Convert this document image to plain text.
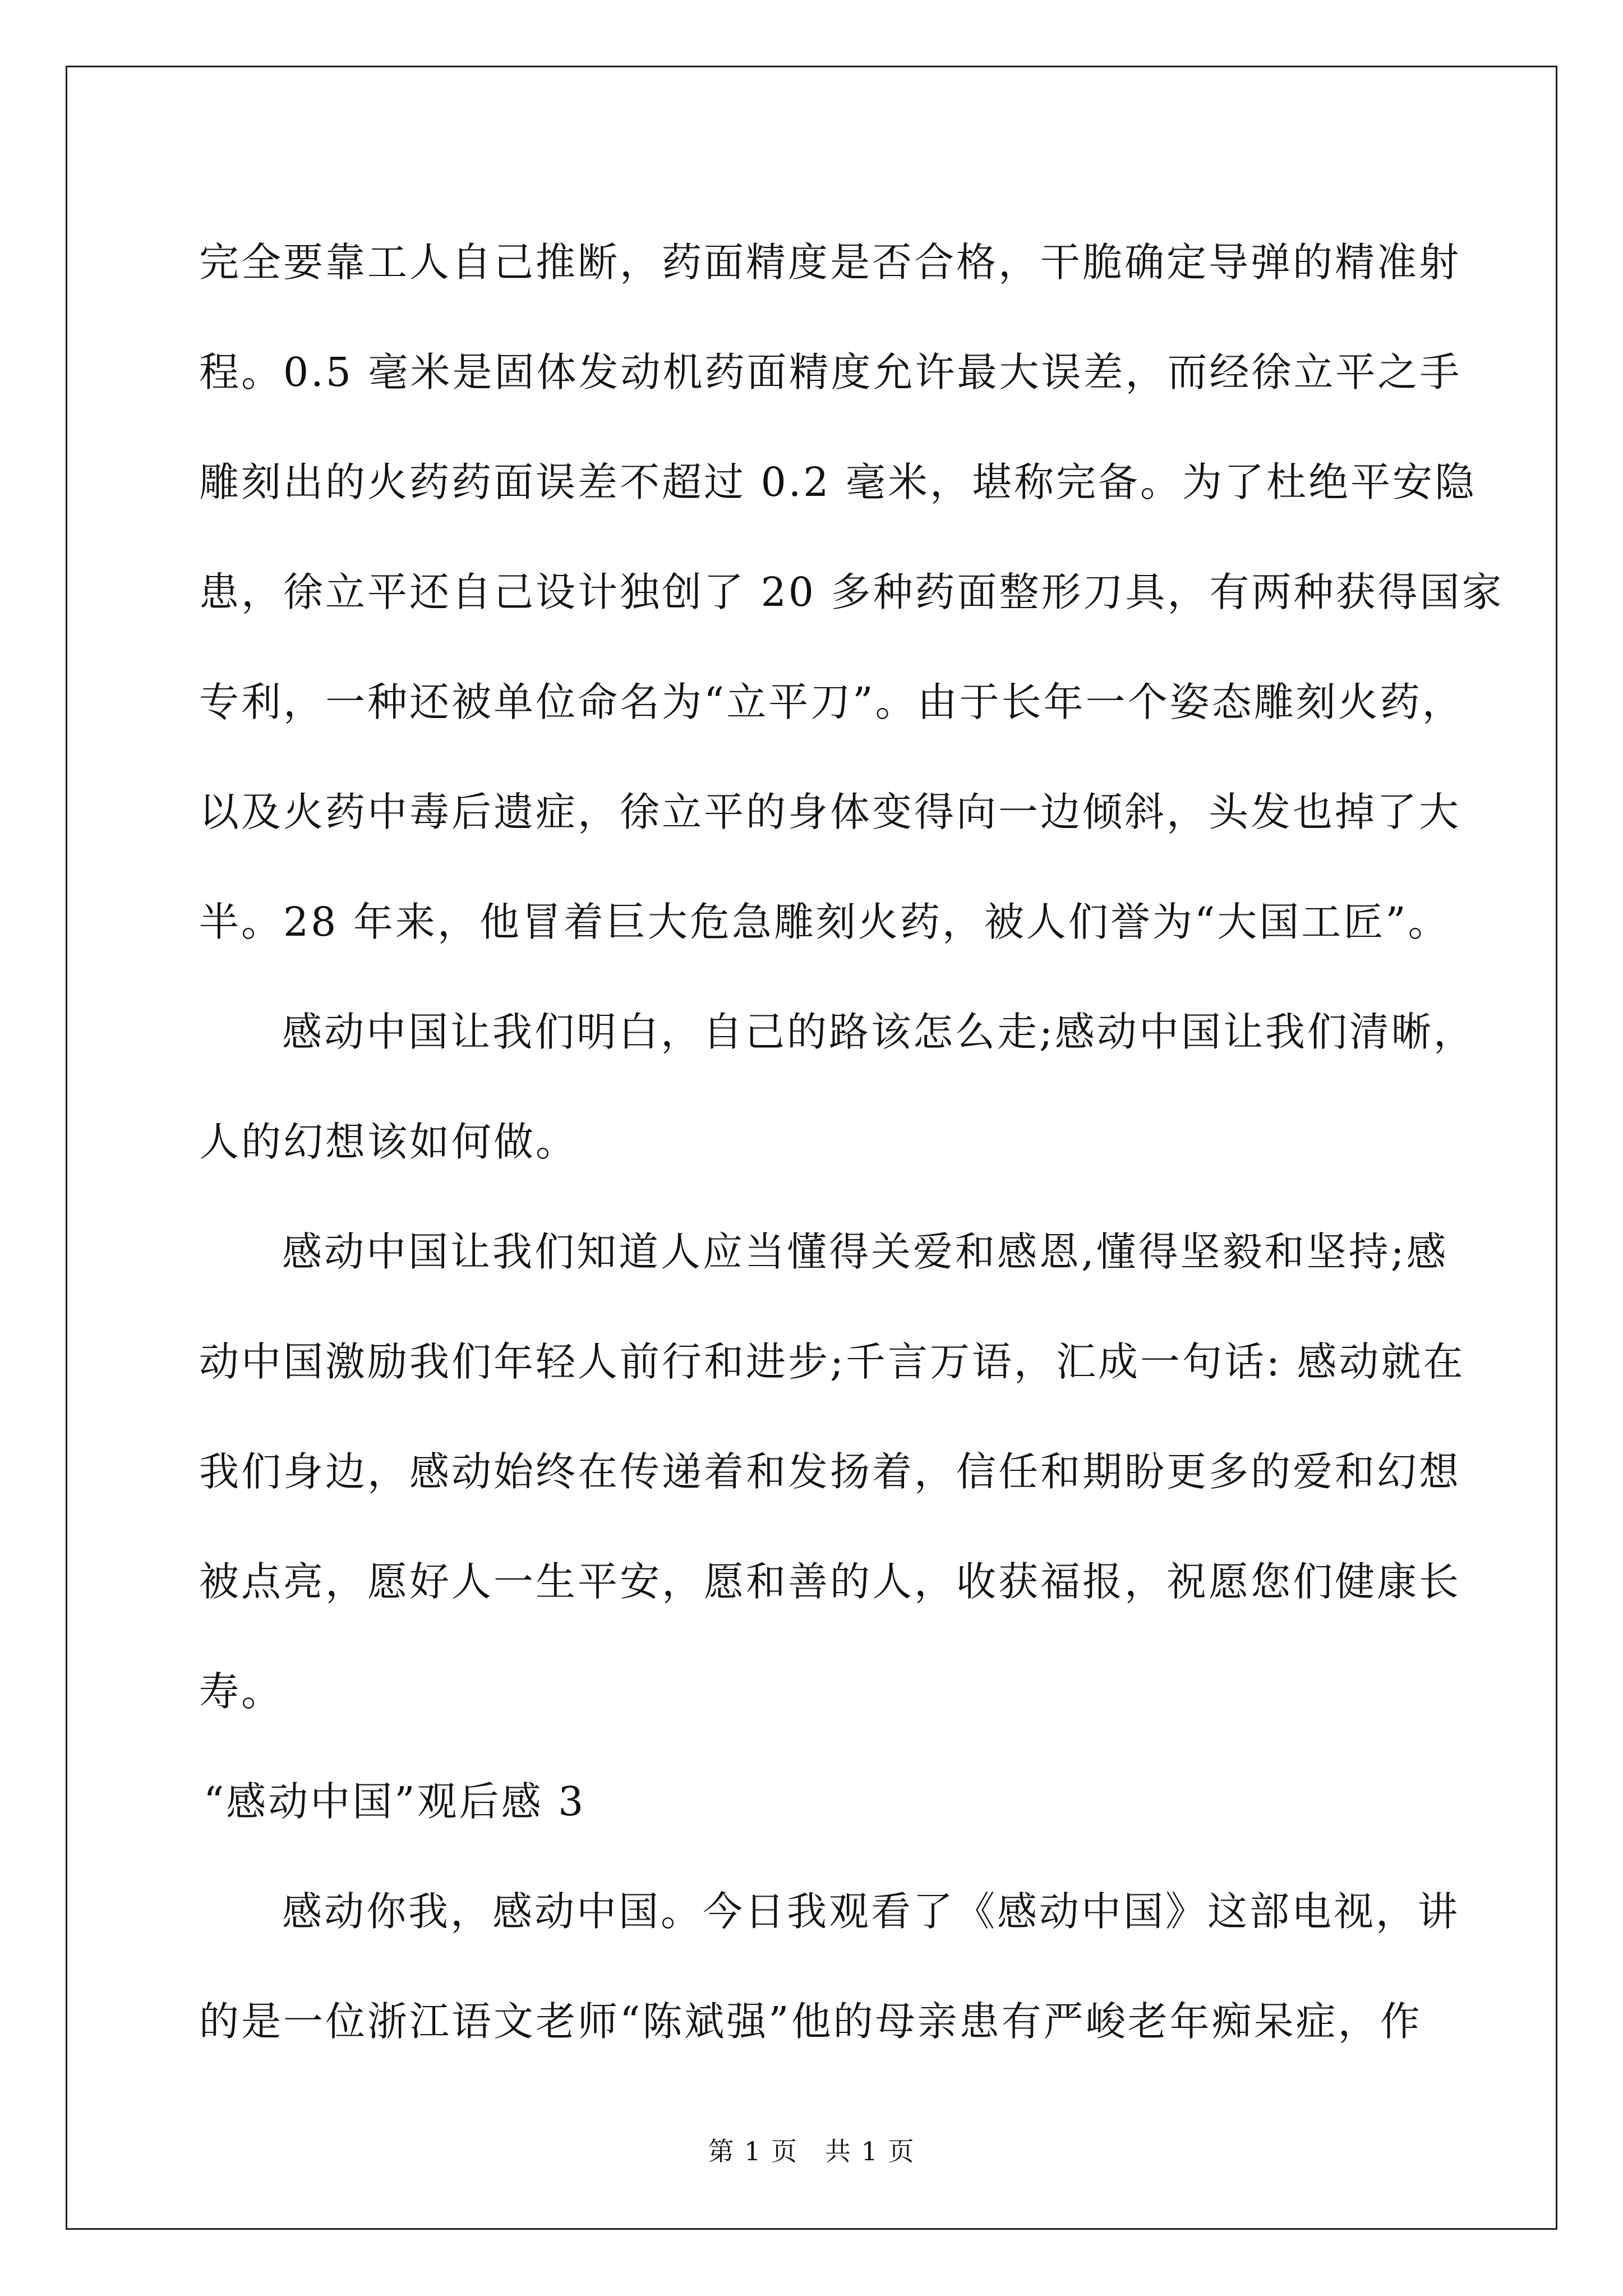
完全要靠工人自己推断，药面精度是否合格，干脆确定导弹的精准射
程。0.5 毫米是固体发动机药面精度允许最大误差，而经徐立平之手
雕刻出的火药药面误差不超过 0.2 毫米，堪称完备。为了杜绝平安隐
患，徐立平还自己设计独创了 20 多种药面整形刀具，有两种获得国家
专利，一种还被单位命名为“立平刀”。由于长年一个姿态雕刻火药，
以及火药中毒后遗症，徐立平的身体变得向一边倾斜，头发也掉了大
半。28 年来，他冒着巨大危急雕刻火药，被人们誉为“大国工匠”。
感动中国让我们明白，自己的路该怎么走;感动中国让我们清晰，
人的幻想该如何做。
感动中国让我们知道人应当懂得关爱和感恩,懂得坚毅和坚持;感
动中国激励我们年轻人前行和进步;千言万语，汇成一句话: 感动就在
我们身边，感动始终在传递着和发扬着，信任和期盼更多的爱和幻想
被点亮，愿好人一生平安，愿和善的人，收获福报，祝愿您们健康长
寿。
“感动中国”观后感 3
感动你我，感动中国。今日我观看了《感动中国》这部电视，讲
的是一位浙江语文老师“陈斌强”他的母亲患有严峻老年痴呆症，作
第 1 页　共 1 页
